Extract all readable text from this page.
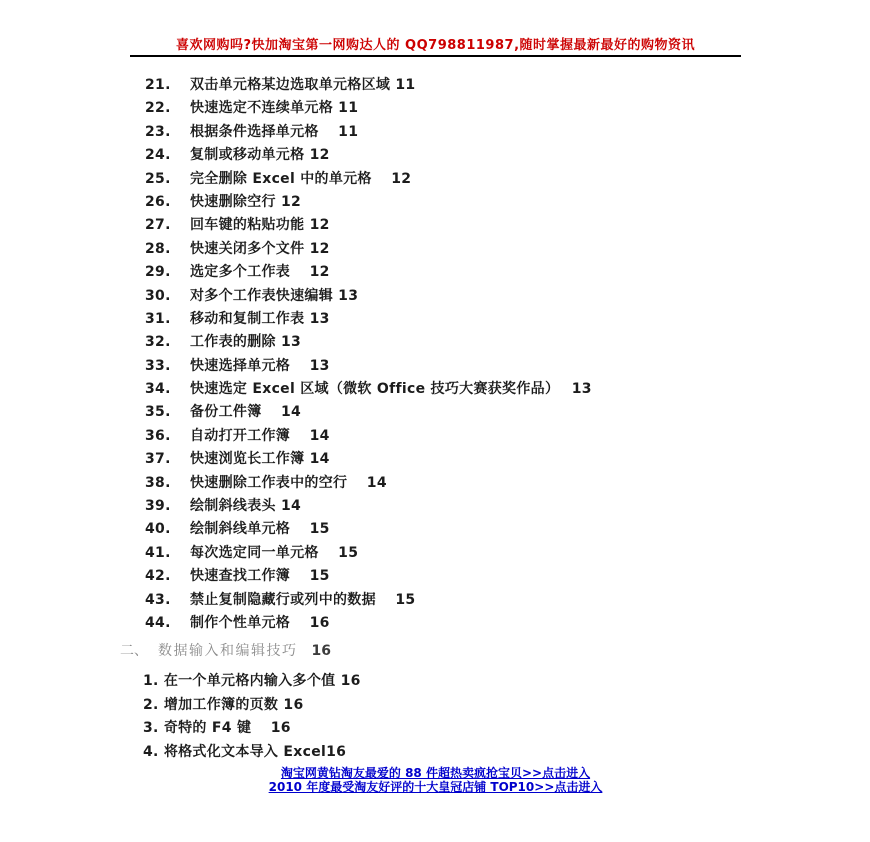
喜欢网购吗?快加淘宝第一网购达人的 QQ798811987,随时掌握最新最好的购物资讯
21.	双击单元格某边选取单元格区域 11
22.	快速选定不连续单元格 11
23.	根据条件选择单元格　 11
24.	复制或移动单元格 12
25.	完全删除 Excel 中的单元格　 12
26.	快速删除空行 12
27.	回车键的粘贴功能 12
28.	快速关闭多个文件 12
29.	选定多个工作表　 12
30.	对多个工作表快速编辑 13
31.	移动和复制工作表 13
32.	工作表的删除 13
33.	快速选择单元格　 13
34.	快速选定 Excel 区域（微软 Office 技巧大赛获奖作品）　 13
35.	备份工件簿　 14
36.	自动打开工作簿　 14
37.	快速浏览长工作簿 14
38.	快速删除工作表中的空行　 14
39.	绘制斜线表头 14
40.	绘制斜线单元格　 15
41.	每次选定同一单元格　 15
42.	快速查找工作簿　 15
43.	禁止复制隐藏行或列中的数据　 15
44.	制作个性单元格　 16
二、 数据输入和编辑技巧 16
1. 在一个单元格内输入多个值 16
2. 增加工作簿的页数 16
3. 奇特的 F4 键　 16
4. 将格式化文本导入 Excel16
淘宝网黄钻淘友最爱的 88 件超热卖疯抢宝贝>>点击进入
2010 年度最受淘友好评的十大皇冠店铺 TOP10>>点击进入
